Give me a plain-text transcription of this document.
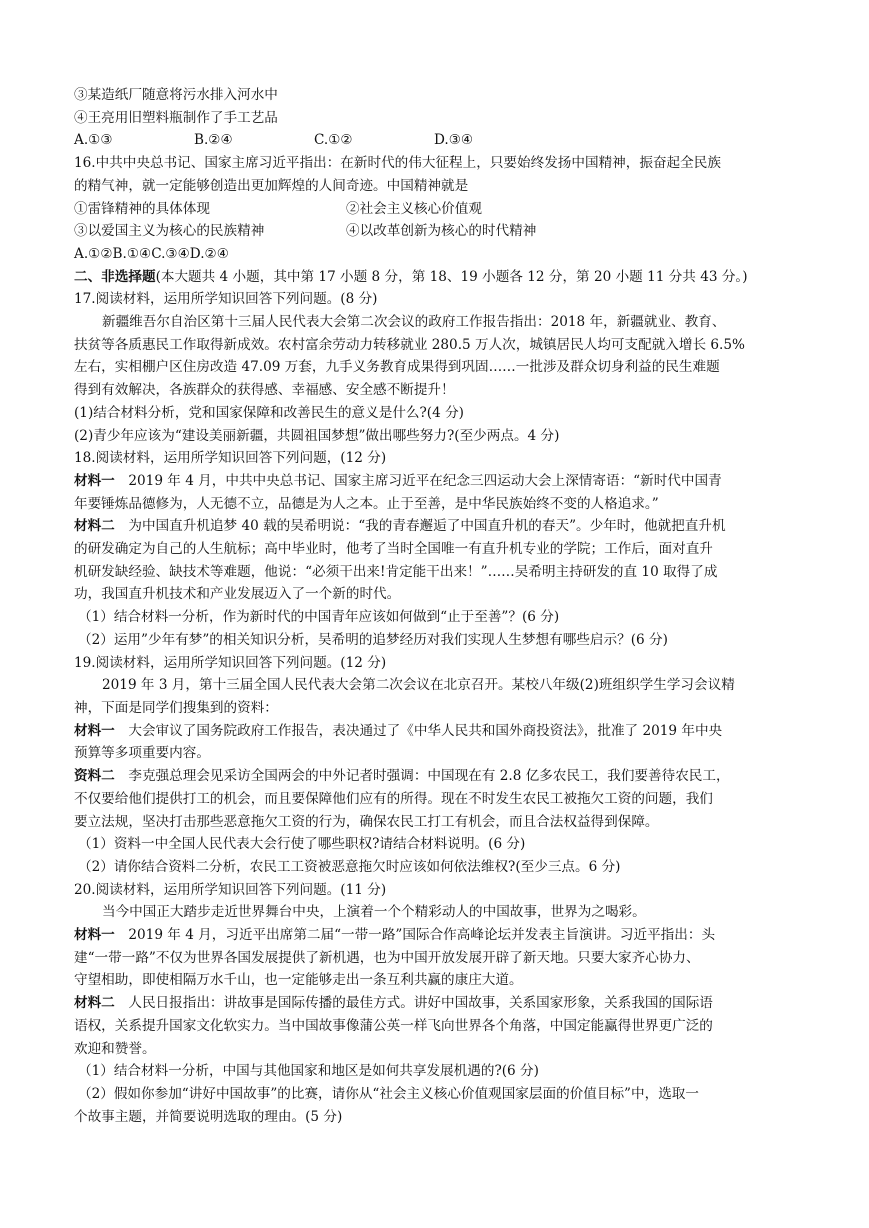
③某造纸厂随意将污水排入河水中
④王亮用旧塑料瓶制作了手工艺品
A.①③	B.②④	C.①②	D.③④
16.中共中央总书记、国家主席习近平指出：在新时代的伟大征程上，只要始终发扬中国精神，振奋起全民族
的精气神，就一定能够创造出更加辉煌的人间奇迹。中国精神就是
①雷锋精神的具体体现	②社会主义核心价值观
③以爱国主义为核心的民族精神	④以改革创新为核心的时代精神
A.①②B.①④C.③④D.②④
二、非选择题(本大题共 4 小题，其中第 17 小题 8 分，第 18、19 小题各 12 分，第 20 小题 11 分共 43 分。)
17.阅读材料，运用所学知识回答下列问题。(8 分)
新疆维吾尔自治区第十三届人民代表大会第二次会议的政府工作报告指出：2018 年，新疆就业、教育、
扶贫等各质惠民工作取得新成效。农村富余劳动力转移就业 280.5 万人次，城镇居民人均可支配就入增长 6.5%
左右，实相棚户区住房改造 47.09 万套，九手义务教育成果得到巩固……一批涉及群众切身利益的民生难题
得到有效解决，各族群众的获得感、幸福感、安全感不断提升！
(1)结合材料分析，党和国家保障和改善民生的意义是什么?(4 分)
(2)青少年应该为“建设美丽新疆，共圆祖国梦想”做出哪些努力?(至少两点。4 分)
18.阅读材料，运用所学知识回答下列问题，(12 分)
材料一　2019 年 4 月，中共中央总书记、国家主席习近平在纪念三四运动大会上深情寄语：“新时代中国青
年要锤炼品德修为，人无德不立，品德是为人之本。止于至善，是中华民族始终不变的人格追求。”
材料二　为中国直升机追梦 40 载的吴希明说：“我的青春邂逅了中国直升机的春天”。少年时，他就把直升机
的研发确定为自己的人生航标；高中毕业时，他考了当时全国唯一有直升机专业的学院；工作后，面对直升
机研发缺经验、缺技术等难题，他说：“必须干出来!肯定能干出来！”……吴希明主持研发的直 10 取得了成
功，我国直升机技术和产业发展迈入了一个新的时代。
（1）结合材料一分析，作为新时代的中国青年应该如何做到“止于至善”？(6 分)
（2）运用”少年有梦”的相关知识分析，吴希明的追梦经历对我们实现人生梦想有哪些启示？(6 分)
19.阅读材料，运用所学知识回答下列问题。(12 分)
2019 年 3 月，第十三届全国人民代表大会第二次会议在北京召开。某校八年级(2)班组织学生学习会议精
神，下面是同学们搜集到的资料：
材料一　大会审议了国务院政府工作报告，表决通过了《中华人民共和国外商投资法》，批准了 2019 年中央
预算等多项重要内容。
资料二　李克强总理会见采访全国两会的中外记者时强调：中国现在有 2.8 亿多农民工，我们要善待农民工，
不仅要给他们提供打工的机会，而且要保障他们应有的所得。现在不时发生农民工被拖欠工资的问题，我们
要立法规，坚决打击那些恶意拖欠工资的行为，确保农民工打工有机会，而且合法权益得到保障。
（1）资料一中全国人民代表大会行使了哪些职权?请结合材料说明。(6 分)
（2）请你结合资料二分析，农民工工资被恶意拖欠时应该如何依法维权?(至少三点。6 分)
20.阅读材料，运用所学知识回答下列问题。(11 分)
当今中国正大踏步走近世界舞台中央，上演着一个个精彩动人的中国故事，世界为之喝彩。
材料一　2019 年 4 月，习近平出席第二届“一带一路”国际合作高峰论坛并发表主旨演讲。习近平指出：头
建“一带一路”不仅为世界各国发展提供了新机遇，也为中国开放发展开辟了新天地。只要大家齐心协力、
守望相助，即使相隔万水千山，也一定能够走出一条互利共赢的康庄大道。
材料二　人民日报指出：讲故事是国际传播的最佳方式。讲好中国故事，关系国家形象，关系我国的国际语
语权，关系提升国家文化软实力。当中国故事像蒲公英一样飞向世界各个角落，中国定能赢得世界更广泛的
欢迎和赞誉。
（1）结合材料一分析，中国与其他国家和地区是如何共享发展机遇的?(6 分)
（2）假如你参加“讲好中国故事”的比赛，请你从“社会主义核心价值观国家层面的价值目标”中，选取一
个故事主题，并简要说明选取的理由。(5 分)
